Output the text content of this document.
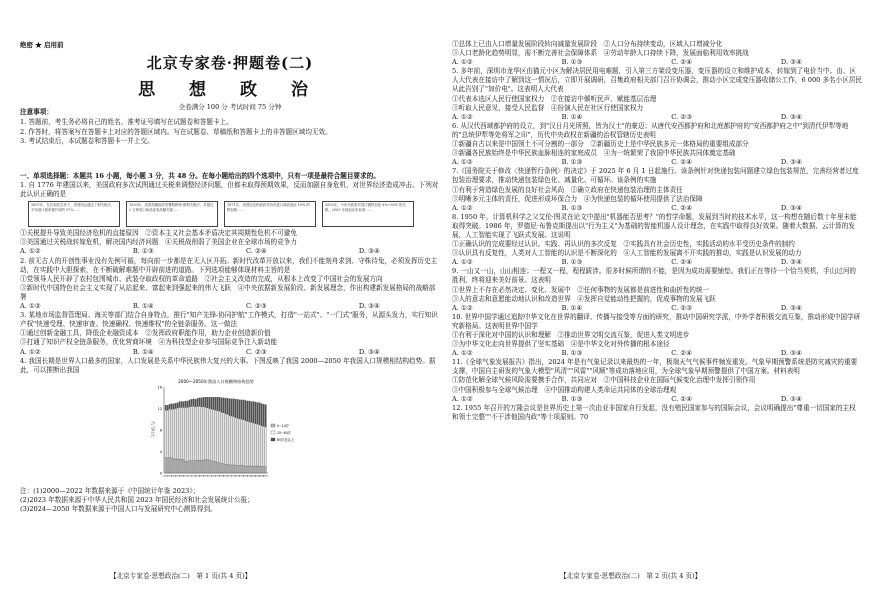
绝密 ★ 启用前
北京专家卷·押题卷(二)
思 想 政 治
全卷满分 100 分 考试时间 75 分钟

注意事项：

1. 答题前，考生务必将自己的姓名、准考证号填写在试题卷和答题卡上。

2. 作答时，将答案写在答题卡上对应的答题区域内。写在试题卷、草稿纸和答题卡上的非答题区域均无效。

3. 考试结束后，本试题卷和答题卡一并上交。

一、单项选择题：本题共 16 小题，每小题 3 分，共 48 分。在每小题给出的四个选项中，只有一项是最符合题目要求的。

1. 自 1776 年建国以来，美国政府多次试图通过关税来调整经济问题，但都未取得预期效果，反而加剧自身危机，对世界经济造成冲击。下列对此认识正确的是

1897年，在共和党支持下，美国国会通过丁利关税法，平均进口税率提升到约 57%……
1930年，美国胡佛政府签署斯姆特-霍利关税法，对超过 2 万种进口商品征收高额关税……
1971年，美国尼克松政府对所有进口商品加征 10% 的附加税……
2002年，小布什政府对进口钢铁加征 8%~30% 的关税，2003 年被迫宣布取消……

①关税提升导致美国经济危机的直接原因　 ②资本主义社会基本矛盾决定其周期性危机不可避免

③美国通过关税战转嫁危机，解决国内经济问题　 ④关税战削弱了美国企业在全球市场的竞争力

A. ①②	B. ①③	C. ②④	D. ③④

2. 前无古人的开创性事业没有先例可循，每向前一步都是在无人区开拓。新时代改革开放以来，我们不能刻舟求剑、守株待兔，必须发挥历史主动，在实践中大胆探索，在不断破解难题中开辟前进的道路。下列选项能够体现材料主旨的是

①党领导人民开辟了农村包围城市、武装夺取政权的革命道路　 ②社会主义改造的完成，从根本上改变了中国社会的发展方向

③新时代中国特色社会主义实现了从站起来、富起来到强起来的伟大飞跃　 ④中央依据新发展阶段、新发展理念，作出构建新发展格局的战略部署

A. ①②	B. ①④	C. ②③	D. ③④

3. 某地市场监督管理局、海关等部门结合自身特点，推行"知产先锋-协同护航"工作模式，打造"一站式"、"一门式"服务，从源头发力，实行知识产权"快速受理、快速审查、快速确权、快速维权"的全链条服务。这一做法

①通过创新金融工具，降低企业融资成本　 ②发挥政府职能作用，助力企业创造新价值

③打通了知识产权全链条服务，优化营商环境　 ④为科技型企业参与国际竞争注入新动能

A. ①②	B. ①④	C. ②③	D. ③④

4. 我国长期是世界人口最多的国家，人口发展是关系中华民族伟大复兴的大事。下图反映了我国 2000—2050 年我国人口规模相结构趋势。据此，可以推断出我国

2000—2050年我国人口规模和结构趋势
0
4
8
12
16
人口(亿人)
2000 2002 2004 2006 2008 2010 2012 2014 2016 2018 2020 2022 2024 2026 2028 2030 2032 2034 2036 2038 2040 2042 2044 2046 2048 2050
0~14岁
15~64岁
65岁及以上

注：(1)2000—2022 年数据来源于《中国统计年鉴 2023》；

(2)2023 年数据来源于中华人民共和国 2023 年国民经济和社会发展统计公报；

(3)2024—2050 年数据来源于中国人口与发展研究中心测算得到。

【北京专家卷·思想政治(二)　第 1 页(共 4 页)】	【北京专家卷·思想政治(二)　第 2 页(共 4 页)】

①总体上已由人口增量发展阶段转向减量发展阶段　 ②人口分布持续变动，区域人口增减分化

③人口老龄化趋势明显，需不断完善社会保障体系　 ④劳动年龄人口持续下降，发展面临利用效率挑战

A. ①②	B. ①③	C. ②④	D. ③④

5. 多年前，深圳市龙华区由猫元小区为解决居民用电难题，引入第三方架设变压器，变压器的设立和维护成本，转嫁到了电价当中。由、区人大代表在接访中了解到这一情况后，立即开展调研，召集政府相关部门召开协调会，推动小区完成变压器收储公工作，6 000 多名小区居民从此告别了"加价电"。这表明人大代表

①代表本选区人民行使国家权力　 ②在接访中倾听民声、赋能基层治理

③听取人民意见，接受人民监督　 ④扮演人民在社区行使国家权力

A. ①②	B. ①④	C. ②③	D. ③④

6. 从汉代西域都护府的设立，到"汉日月光所照，皆为汉土"的豪迈；从唐代安西都护府和北庭都护府的"安西都护府之中"到清代伊犁等地的"总统伊犁等处将军之印"，历代中央政权在新疆的治权管辖历史表明

①新疆自古以来是中国领土不可分割的一部分　 ②新疆历史上是中华民族多元一体格局的重要组成部分

③新疆各民族始终是中华民族血脉相连的家庭成员　 ④为一统繁荣了我国中华民族共同体奠定基础

A. ①②	B. ①③	C. ②④	D. ③④

7.《国务院关于修改〈快递暂行条例〉的决定》于 2025 年 6 月 1 日起施行。该条例针对快递包装问题建立绿色包装规范，完善经营者过度包装治理要求，推动快递包装绿色化、减量化、可循环。该条例的实施

①有利于营造绿色发展的良好社会风尚　 ②确立政府在快递包装治理的主体责任

③明晰多元主体的责任，促进形成环保合力　 ④为快递包装的循环使用提供了法治保障

A. ①②	B. ①③	C. ②④	D. ③④

8. 1950 年，计算机科学之父艾伦·图灵在论文中提出"机器能否思考？"的哲学命题，发展到当时的技术水平，这一构想在随后数十年里未能取得突破。1986 年，罗德尼·布鲁克斯提出以"行为主义"为基础的智能机器人设计理念，在实践中取得良好效果。随着大数据、云计算的发展，人工智能实现了飞跃式发展。这说明

①正确认识的完成要经过认识、实践、再认识的多次反复　 ②实践具有社会历史性，实践活动的水平受历史条件的制约

③认识具有反复性，人类对人工智能的认识是不断深化的　 ④人工智能的发展离不开实践的推动，实践是认识发展的动力

A. ①②	B. ①③	C. ②④	D. ③④

9. 一山又一山，山山相连；一程又一程，程程跋涉。很多时候所谓的不能，是因为成功需要铺垫。我们正在等待一个恰当契机，手山过河的胜利，终将迎来美好前景。这表明

①世界上不存在必然决定、变化、发展中　 ②任何事物的发展都是前进性和曲折性的统一

③人的意志和意愿能动地认识和改造世界　 ④发挥自觉能动性把握的，促成事物的发展飞跃

A. ①②	B. ①④	C. ②③	D. ③④

10. 世界中国学通过追踪中华文化在世界的翻译、传播与接受等方面的研究，推动中国研究学派，中外学者积极交流互鉴，推动形成中国学研究新格局。这表明世界中国学

①有利于深化对中国的认识和理解　 ②推动世界文明交流互鉴，促进人类文明进步

③为中华文化走向世界提供了坚实基础　 ④是中华文化对外传播的根本途径

A. ①②	B. ①③	C. ②④	D. ③④

11.《全球气象发展报告》指出，2024 年是有气象记录以来最热的一年，极端天气气候事件频发重发。气象早期预警系统是防灾减灾的重要支撑，中国自主研发的气象大模型"风清""风雷""风顺"等成功落地应用，为全球气象早期预警提供了中国方案。材料表明

①防范化解全球气候风险需要携手合作，共同应对　 ②中国科技企业在国际气候变化治理中发挥引领作用

③中国积极参与全球气候治理　 ④中国推动构建人类命运共同体的全球治理观

A. ①②	B. ①③	C. ②④	D. ③④

12. 1955 年召开的万隆会议是世界历史上第一次由亚非国家自行发起，没有殖民国家参与的国际会议，会议明确提出"尊重一切国家的主权和领土完整""不干涉他国内政"等十项原则。70
